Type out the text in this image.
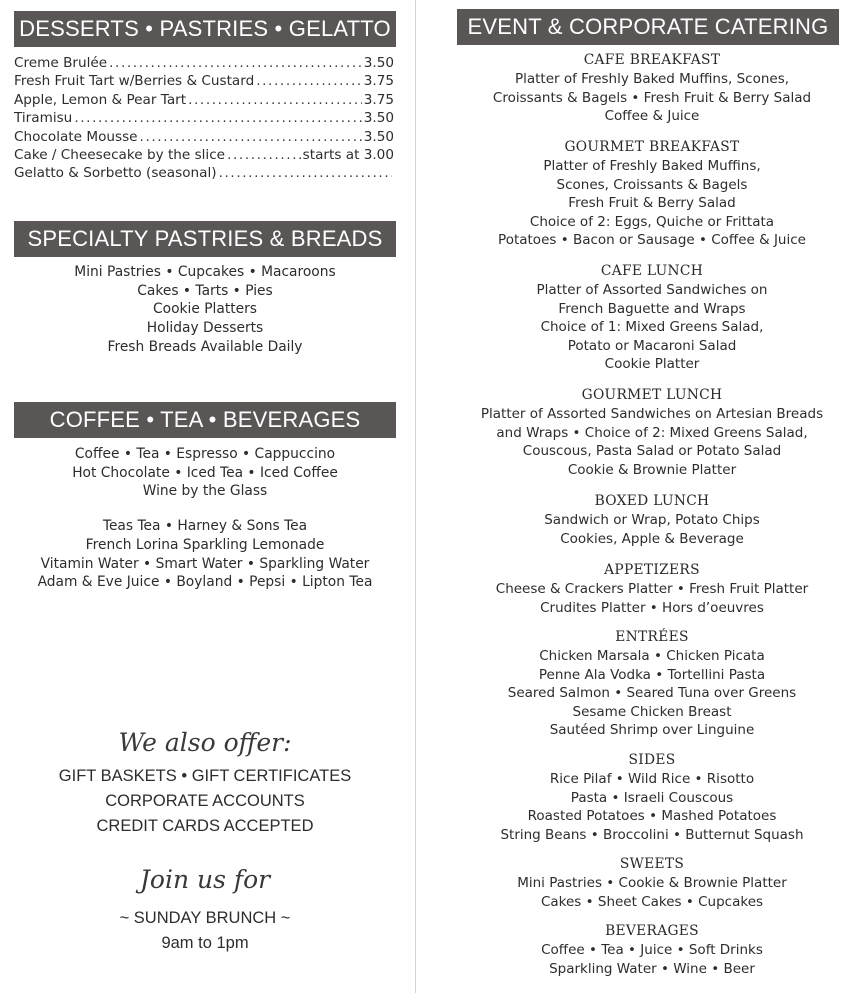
DESSERTS • PASTRIES • GELATTO
Creme Brulée .....	3.50
Fresh Fruit Tart w/Berries & Custard .....	3.75
Apple, Lemon & Pear Tart .....	3.75
Tiramisu .....	3.50
Chocolate Mousse .....	3.50
Cake / Cheesecake by the slice .....	starts at 3.00
Gelatto & Sorbetto (seasonal)
.....
SPECIALTY PASTRIES & BREADS
Mini Pastries • Cupcakes • Macaroons
Cakes • Tarts • Pies
Cookie Platters
Holiday Desserts
Fresh Breads Available Daily
COFFEE • TEA • BEVERAGES
Coffee • Tea • Espresso • Cappuccino
Hot Chocolate • Iced Tea • Iced Coffee
Wine by the Glass
Teas Tea • Harney & Sons Tea
French Lorina Sparkling Lemonade
Vitamin Water • Smart Water • Sparkling Water
Adam & Eve Juice • Boyland • Pepsi • Lipton Tea
We also offer:
GIFT BASKETS • GIFT CERTIFICATES
CORPORATE ACCOUNTS
CREDIT CARDS ACCEPTED
Join us for
~ SUNDAY BRUNCH ~
9am to 1pm
EVENT & CORPORATE CATERING
CAFE BREAKFAST
Platter of Freshly Baked Muffins, Scones,
Croissants & Bagels • Fresh Fruit & Berry Salad
Coffee & Juice
GOURMET BREAKFAST
Platter of Freshly Baked Muffins,
Scones, Croissants & Bagels
Fresh Fruit & Berry Salad
Choice of 2: Eggs, Quiche or Frittata
Potatoes • Bacon or Sausage • Coffee & Juice
CAFE LUNCH
Platter of Assorted Sandwiches on
French Baguette and Wraps
Choice of 1: Mixed Greens Salad,
Potato or Macaroni Salad
Cookie Platter
GOURMET LUNCH
Platter of Assorted Sandwiches on Artesian Breads
and Wraps • Choice of 2: Mixed Greens Salad,
Couscous, Pasta Salad or Potato Salad
Cookie & Brownie Platter
BOXED LUNCH
Sandwich or Wrap, Potato Chips
Cookies, Apple & Beverage
APPETIZERS
Cheese & Crackers Platter • Fresh Fruit Platter
Crudites Platter • Hors d’oeuvres
ENTRÉES
Chicken Marsala • Chicken Picata
Penne Ala Vodka • Tortellini Pasta
Seared Salmon • Seared Tuna over Greens
Sesame Chicken Breast
Sautéed Shrimp over Linguine
SIDES
Rice Pilaf • Wild Rice • Risotto
Pasta • Israeli Couscous
Roasted Potatoes • Mashed Potatoes
String Beans • Broccolini • Butternut Squash
SWEETS
Mini Pastries • Cookie & Brownie Platter
Cakes • Sheet Cakes • Cupcakes
BEVERAGES
Coffee • Tea • Juice • Soft Drinks
Sparkling Water • Wine • Beer
